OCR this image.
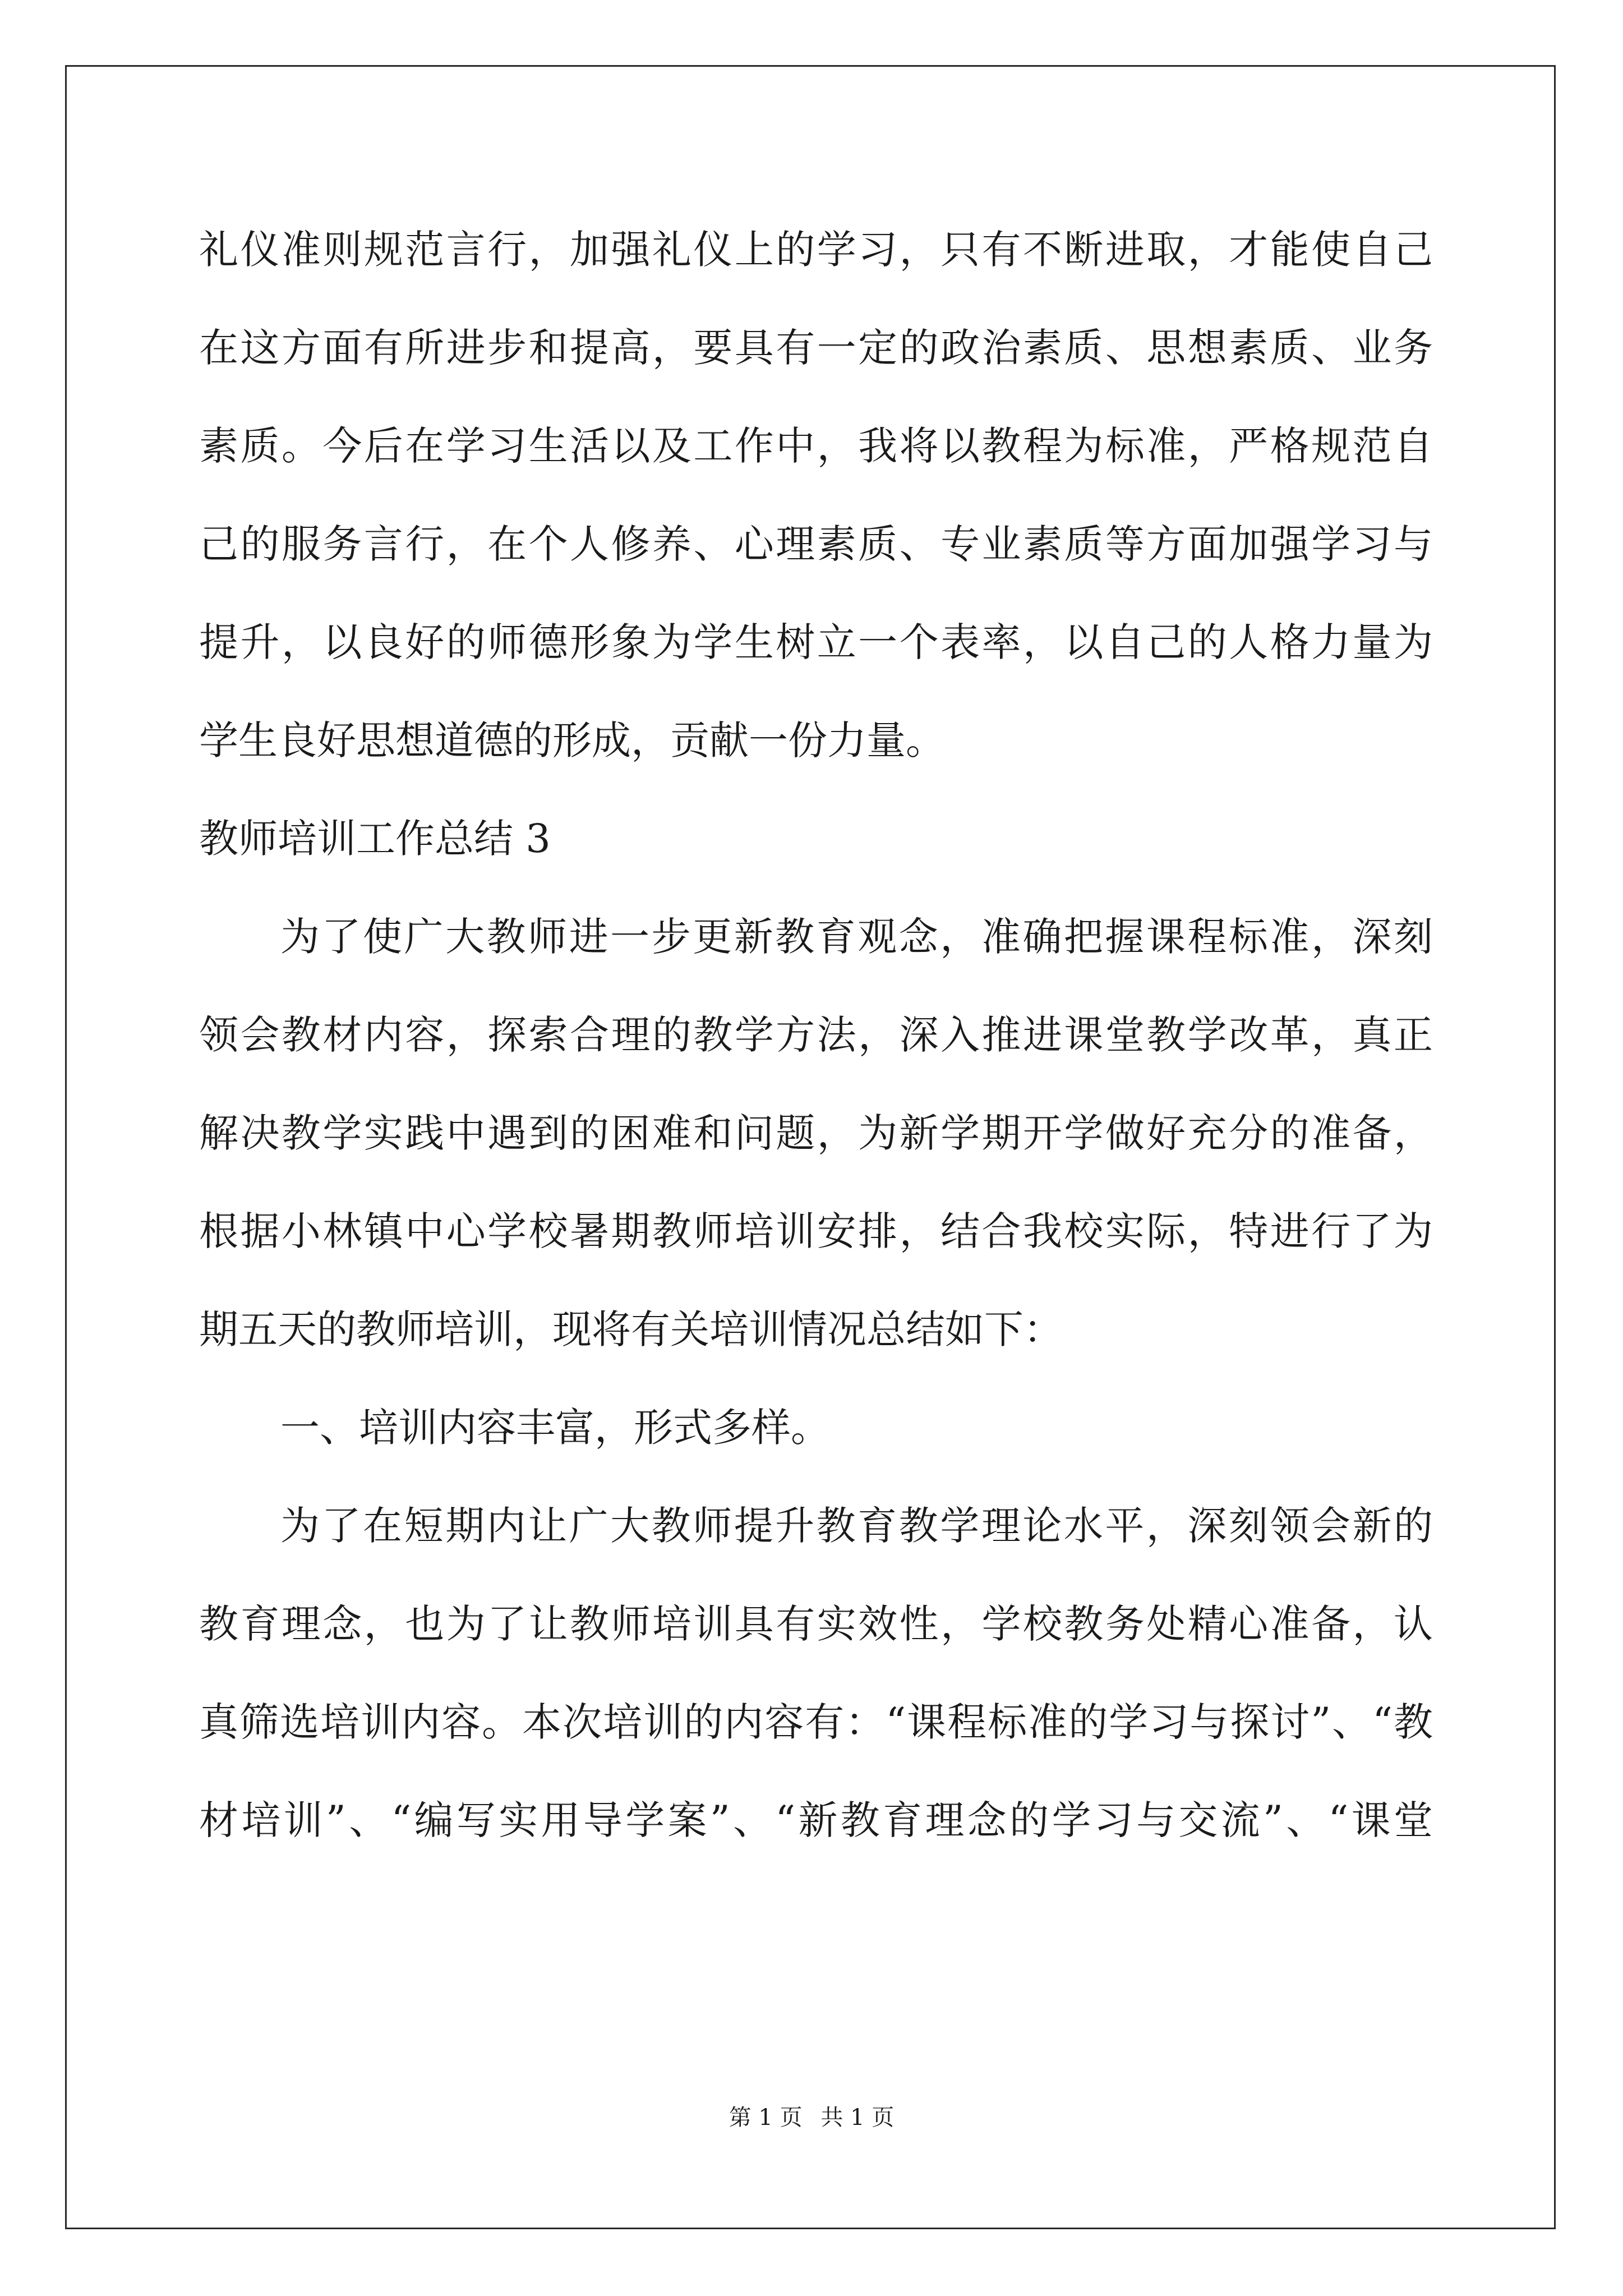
礼仪准则规范言行，加强礼仪上的学习，只有不断进取，才能使自己
在这方面有所进步和提高，要具有一定的政治素质、思想素质、业务
素质。今后在学习生活以及工作中，我将以教程为标准，严格规范自
己的服务言行，在个人修养、心理素质、专业素质等方面加强学习与
提升，以良好的师德形象为学生树立一个表率，以自己的人格力量为
学生良好思想道德的形成，贡献一份力量。
教师培训工作总结 3
为了使广大教师进一步更新教育观念，准确把握课程标准，深刻
领会教材内容，探索合理的教学方法，深入推进课堂教学改革，真正
解决教学实践中遇到的困难和问题，为新学期开学做好充分的准备，
根据小林镇中心学校暑期教师培训安排，结合我校实际，特进行了为
期五天的教师培训，现将有关培训情况总结如下：
一、培训内容丰富，形式多样。
为了在短期内让广大教师提升教育教学理论水平，深刻领会新的
教育理念，也为了让教师培训具有实效性，学校教务处精心准备，认
真筛选培训内容。本次培训的内容有：“课程标准的学习与探讨”、“教
材培训”、“编写实用导学案”、“新教育理念的学习与交流”、“课堂
第 1 页 共 1 页
